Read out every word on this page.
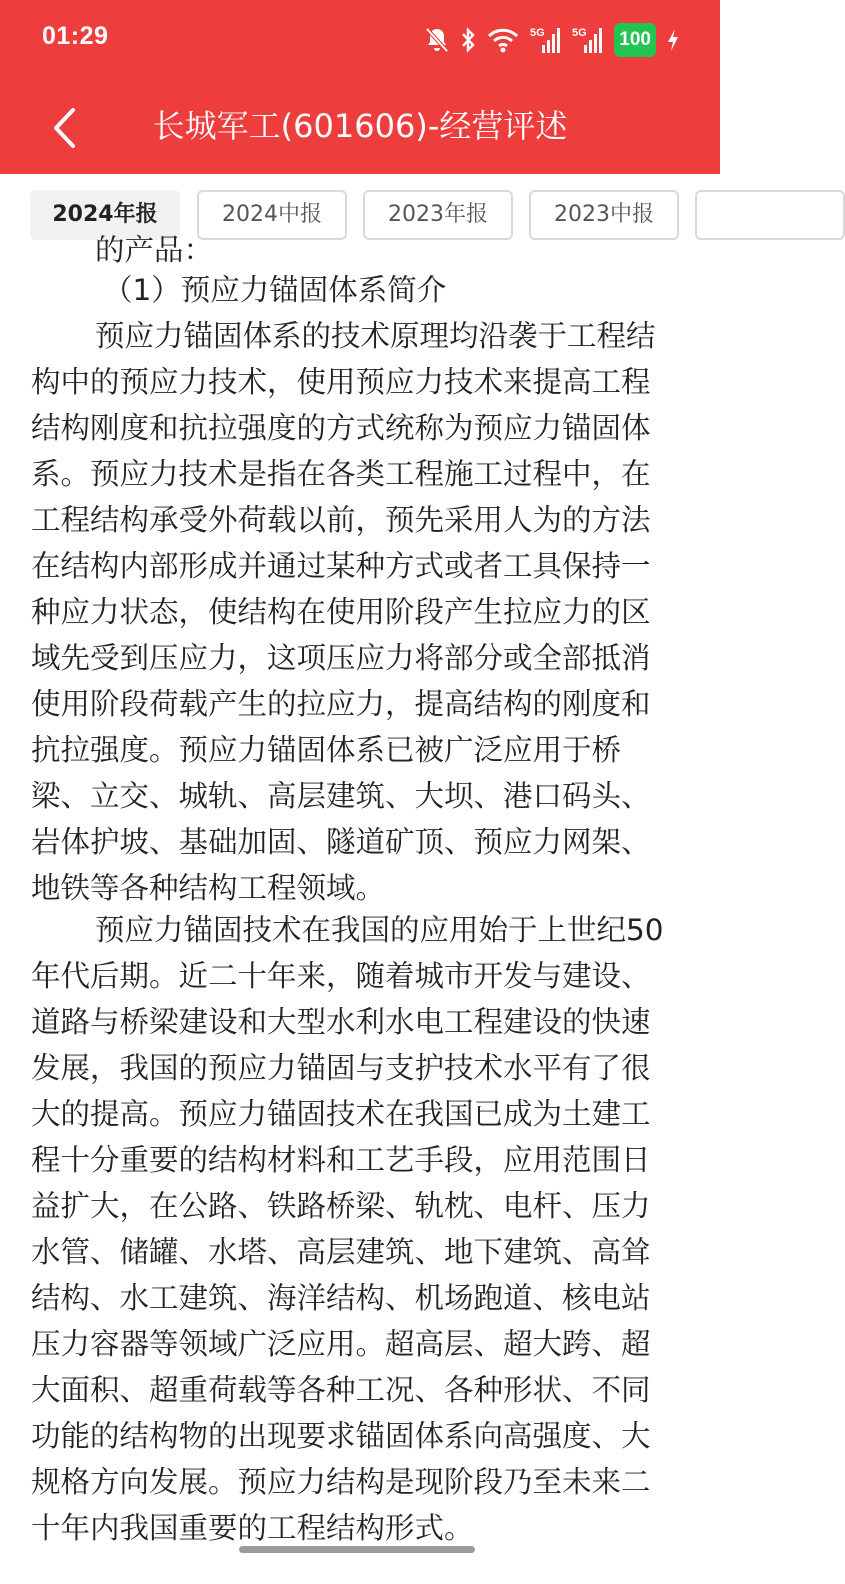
01:29	5G 5G 100
长城军工(601606)-经营评述
2024年报	2024中报	2023年报	2023中报
的产品：
（1）预应力锚固体系简介
预应力锚固体系的技术原理均沿袭于工程结
构中的预应力技术，使用预应力技术来提高工程
结构刚度和抗拉强度的方式统称为预应力锚固体
系。预应力技术是指在各类工程施工过程中，在
工程结构承受外荷载以前，预先采用人为的方法
在结构内部形成并通过某种方式或者工具保持一
种应力状态，使结构在使用阶段产生拉应力的区
域先受到压应力，这项压应力将部分或全部抵消
使用阶段荷载产生的拉应力，提高结构的刚度和
抗拉强度。预应力锚固体系已被广泛应用于桥
梁、立交、城轨、高层建筑、大坝、港口码头、
岩体护坡、基础加固、隧道矿顶、预应力网架、
地铁等各种结构工程领域。
预应力锚固技术在我国的应用始于上世纪50
年代后期。近二十年来，随着城市开发与建设、
道路与桥梁建设和大型水利水电工程建设的快速
发展，我国的预应力锚固与支护技术水平有了很
大的提高。预应力锚固技术在我国已成为土建工
程十分重要的结构材料和工艺手段，应用范围日
益扩大，在公路、铁路桥梁、轨枕、电杆、压力
水管、储罐、水塔、高层建筑、地下建筑、高耸
结构、水工建筑、海洋结构、机场跑道、核电站
压力容器等领域广泛应用。超高层、超大跨、超
大面积、超重荷载等各种工况、各种形状、不同
功能的结构物的出现要求锚固体系向高强度、大
规格方向发展。预应力结构是现阶段乃至未来二
十年内我国重要的工程结构形式。
